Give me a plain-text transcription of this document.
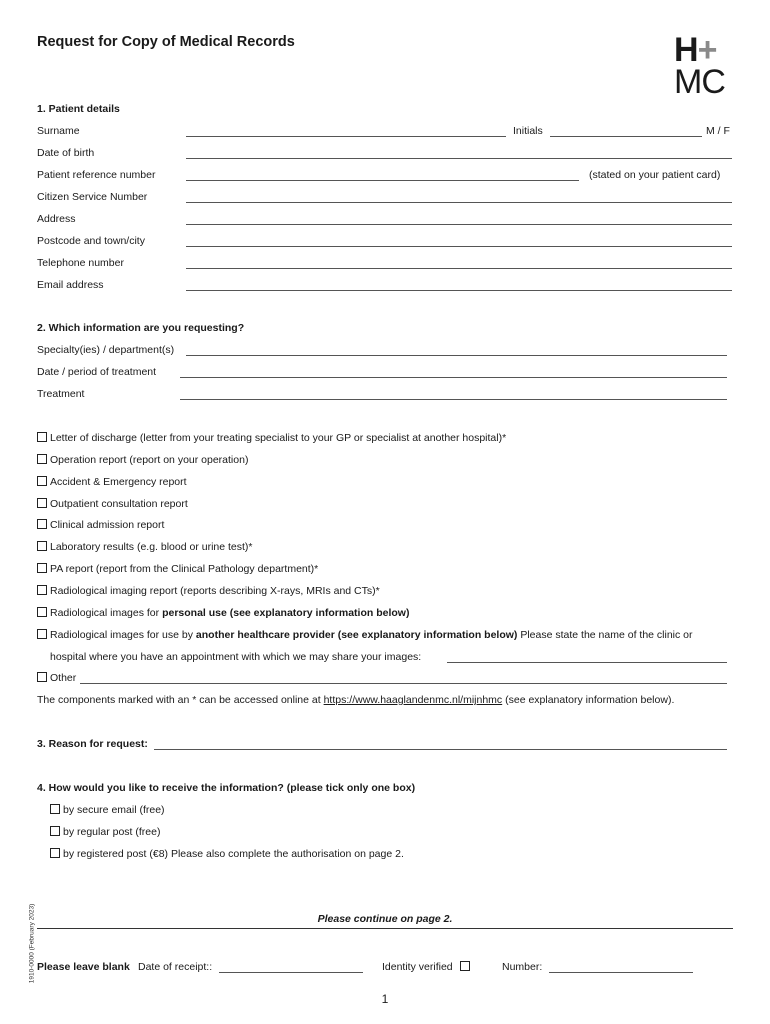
Request for Copy of Medical Records	H+
MC
1. Patient details
Surname	Initials	M / F
Date of birth
Patient reference number	(stated on your patient card)
Citizen Service Number
Address
Postcode and town/city
Telephone number
Email address
2. Which information are you requesting?
Specialty(ies) / department(s)
Date / period of treatment
Treatment
Letter of discharge (letter from your treating specialist to your GP or specialist at another hospital)*
Operation report (report on your operation)
Accident & Emergency report
Outpatient consultation report
Clinical admission report
Laboratory results (e.g. blood or urine test)*
PA report (report from the Clinical Pathology department)*
Radiological imaging report (reports describing X-rays, MRIs and CTs)*
Radiological images for personal use (see explanatory information below)
Radiological images for use by another healthcare provider (see explanatory information below) Please state the name of the clinic or
hospital where you have an appointment with which we may share your images:
Other
The components marked with an * can be accessed online at https://www.haaglandenmc.nl/mijnhmc (see explanatory information below).
3. Reason for request:
4. How would you like to receive the information? (please tick only one box)
by secure email (free)
by regular post (free)
by registered post (€8) Please also complete the authorisation on page 2.
Please continue on page 2.
Please leave blank Date of receipt::	Identity verified	Number:
1910-0000 (February 2023)
1
